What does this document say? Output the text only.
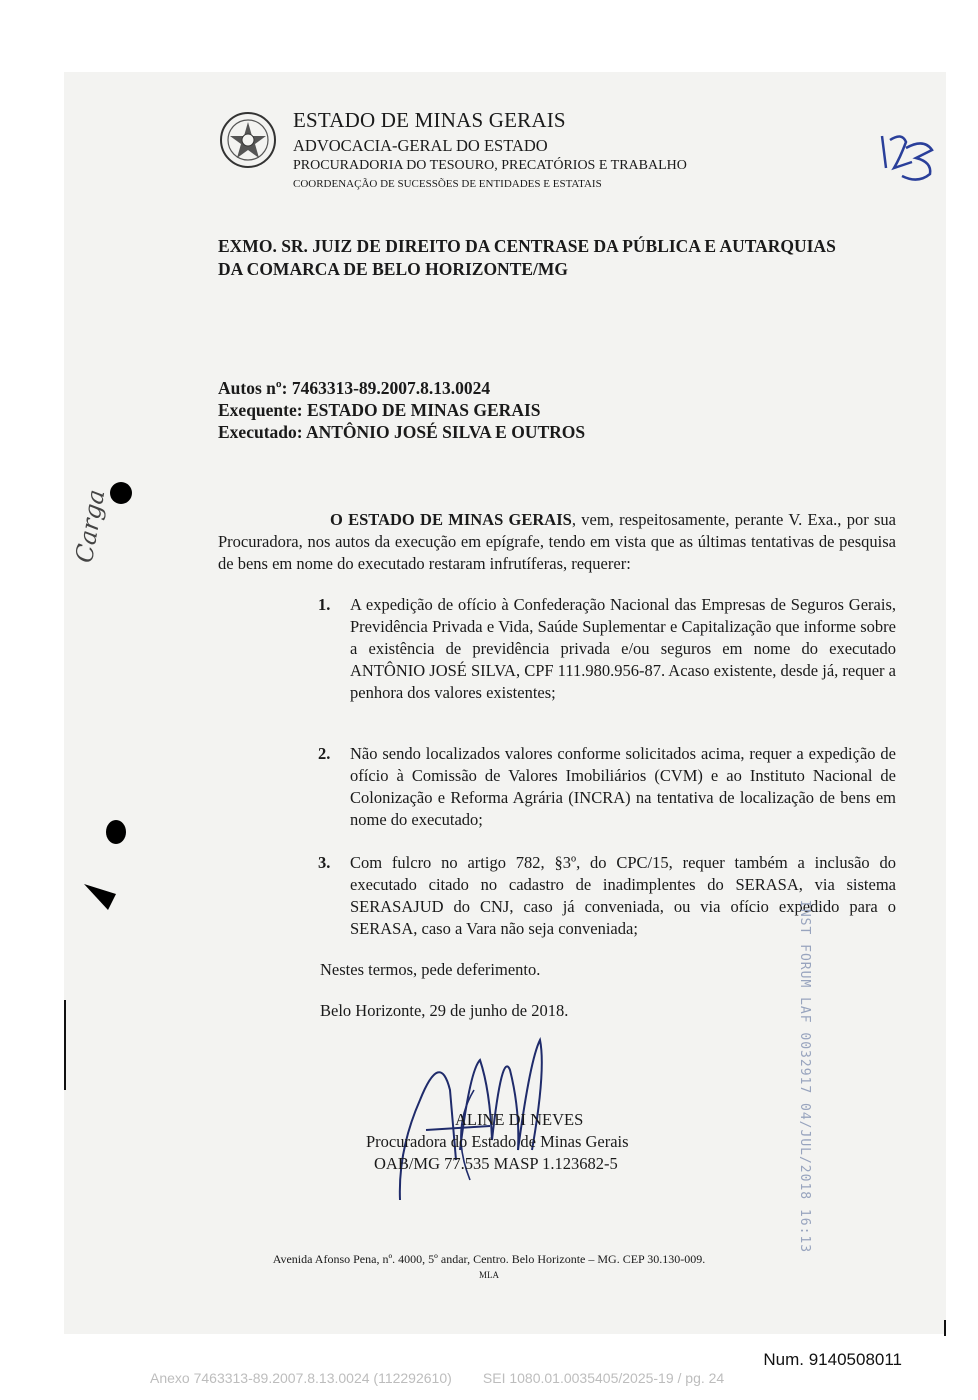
ESTADO DE MINAS GERAIS
ADVOCACIA-GERAL DO ESTADO
PROCURADORIA DO TESOURO, PRECATÓRIOS E TRABALHO
COORDENAÇÃO DE SUCESSÕES DE ENTIDADES E ESTATAIS
EXMO. SR. JUIZ DE DIREITO DA CENTRASE DA PÚBLICA E AUTARQUIAS
DA COMARCA DE BELO HORIZONTE/MG
Autos nº: 7463313-89.2007.8.13.0024
Exequente: ESTADO DE MINAS GERAIS
Executado: ANTÔNIO JOSÉ SILVA E OUTROS
Carga	O ESTADO DE MINAS GERAIS, vem, respeitosamente, perante V. Exa., por sua Procuradora, nos autos da execução em epígrafe, tendo em vista que as últimas tentativas de pesquisa de bens em nome do executado restaram infrutíferas, requerer:
1. A expedição de ofício à Confederação Nacional das Empresas de Seguros Gerais, Previdência Privada e Vida, Saúde Suplementar e Capitalização que informe sobre a existência de previdência privada e/ou seguros em nome do executado ANTÔNIO JOSÉ SILVA, CPF 111.980.956-87. Acaso existente, desde já, requer a penhora dos valores existentes;
2. Não sendo localizados valores conforme solicitados acima, requer a expedição de ofício à Comissão de Valores Imobiliários (CVM) e ao Instituto Nacional de Colonização e Reforma Agrária (INCRA) na tentativa de localização de bens em nome do executado;
3. Com fulcro no artigo 782, §3º, do CPC/15, requer também a inclusão do executado citado no cadastro de inadimplentes do SERASA, via sistema SERASAJUD do CNJ, caso já conveniada, ou via ofício expedido para o SERASA, caso a Vara não seja conveniada;
Nestes termos, pede deferimento.
Belo Horizonte, 29 de junho de 2018.	INST FORUM LAF 0032917 04/JUL/2018 16:13
ALINE DI NEVES
Procuradora do Estado de Minas Gerais
OAB/MG 77.535 MASP 1.123682-5
Avenida Afonso Pena, nº. 4000, 5º andar, Centro. Belo Horizonte – MG. CEP 30.130-009.
MLA
Num. 9140508011
Anexo 7463313-89.2007.8.13.0024 (112292610)        SEI 1080.01.0035405/2025-19 / pg. 24
